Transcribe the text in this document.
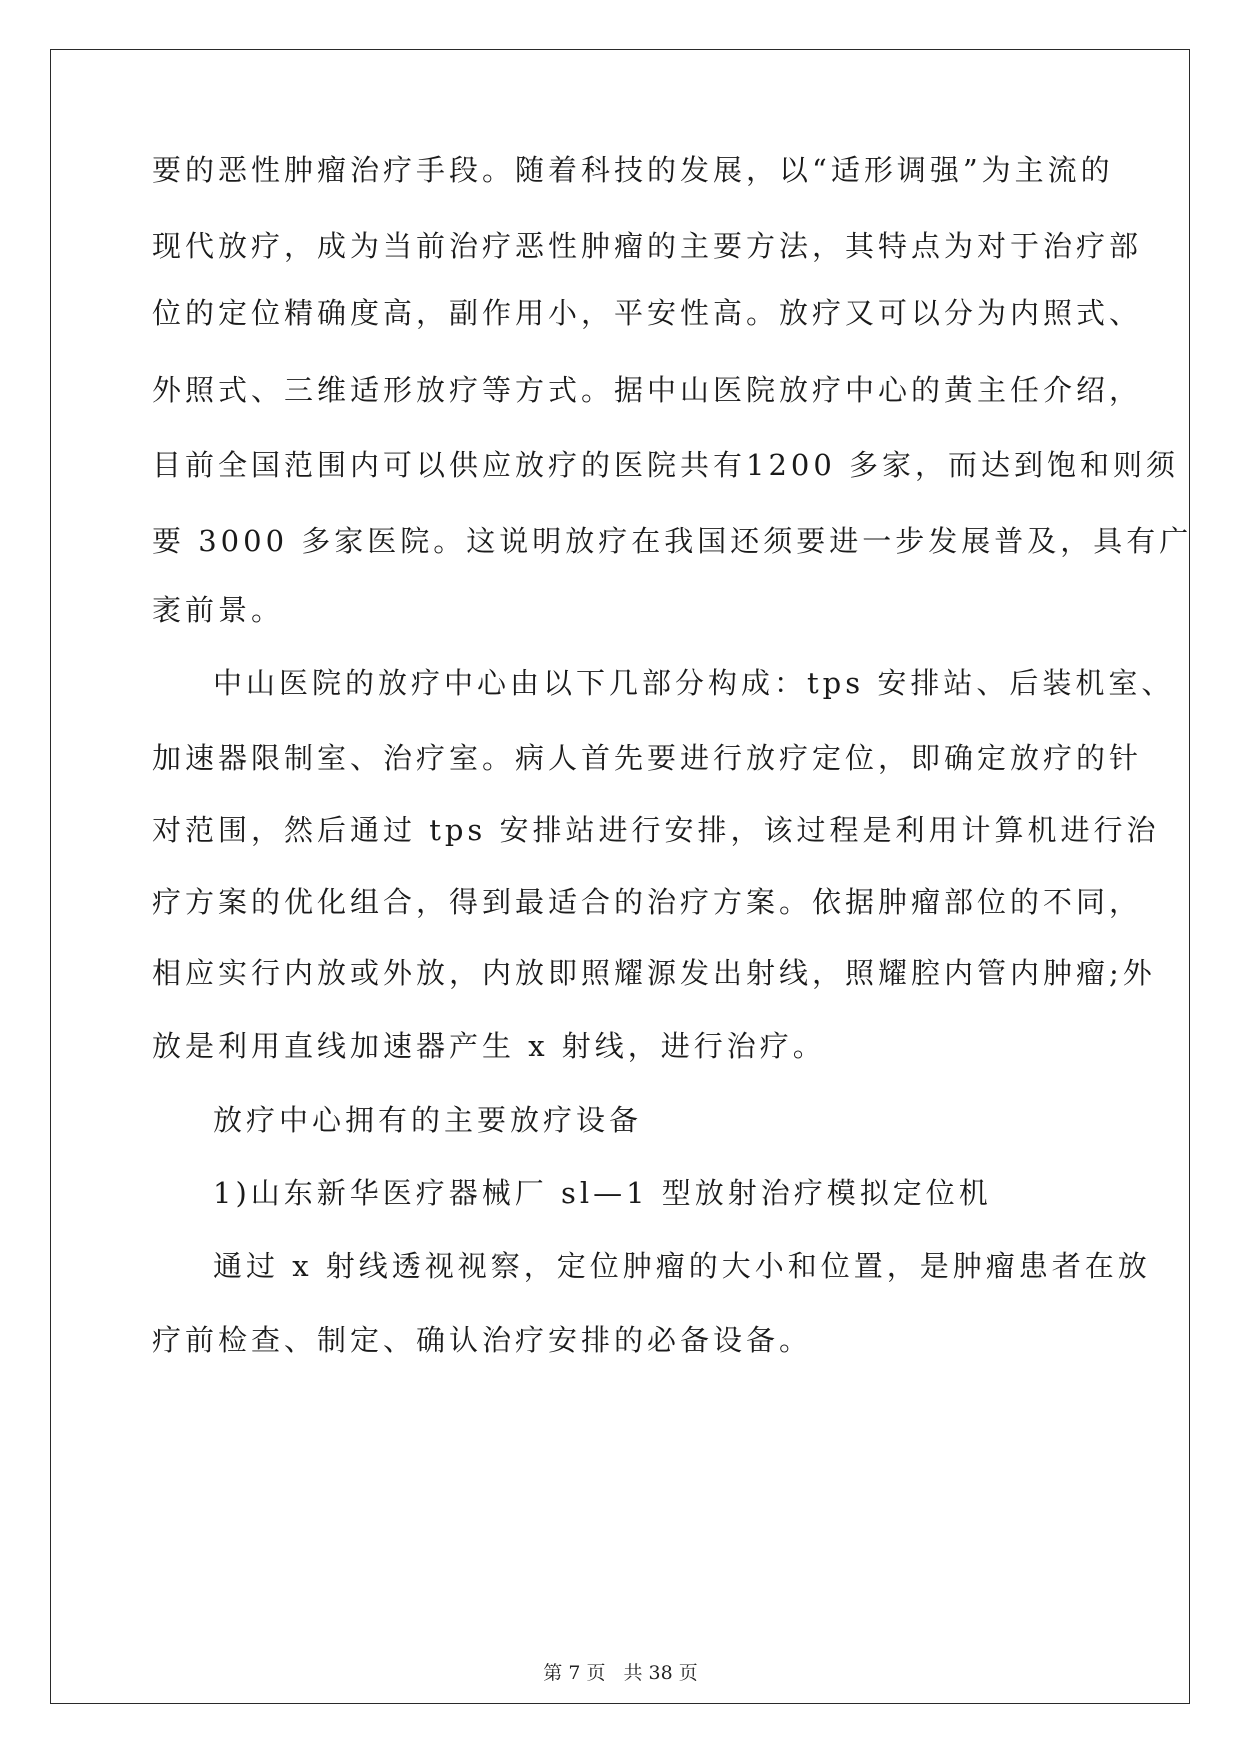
要的恶性肿瘤治疗手段。随着科技的发展，以“适形调强”为主流的
现代放疗，成为当前治疗恶性肿瘤的主要方法，其特点为对于治疗部
位的定位精确度高，副作用小，平安性高。放疗又可以分为内照式、
外照式、三维适形放疗等方式。据中山医院放疗中心的黄主任介绍，
目前全国范围内可以供应放疗的医院共有1200 多家，而达到饱和则须
要 3000 多家医院。这说明放疗在我国还须要进一步发展普及，具有广
袤前景。
中山医院的放疗中心由以下几部分构成：tps 安排站、后装机室、
加速器限制室、治疗室。病人首先要进行放疗定位，即确定放疗的针
对范围，然后通过 tps 安排站进行安排，该过程是利用计算机进行治
疗方案的优化组合，得到最适合的治疗方案。依据肿瘤部位的不同，
相应实行内放或外放，内放即照耀源发出射线，照耀腔内管内肿瘤;外
放是利用直线加速器产生 x 射线，进行治疗。
放疗中心拥有的主要放疗设备
1)山东新华医疗器械厂 sl—1 型放射治疗模拟定位机
通过 x 射线透视视察，定位肿瘤的大小和位置，是肿瘤患者在放
疗前检查、制定、确认治疗安排的必备设备。
第 7 页 共 38 页
